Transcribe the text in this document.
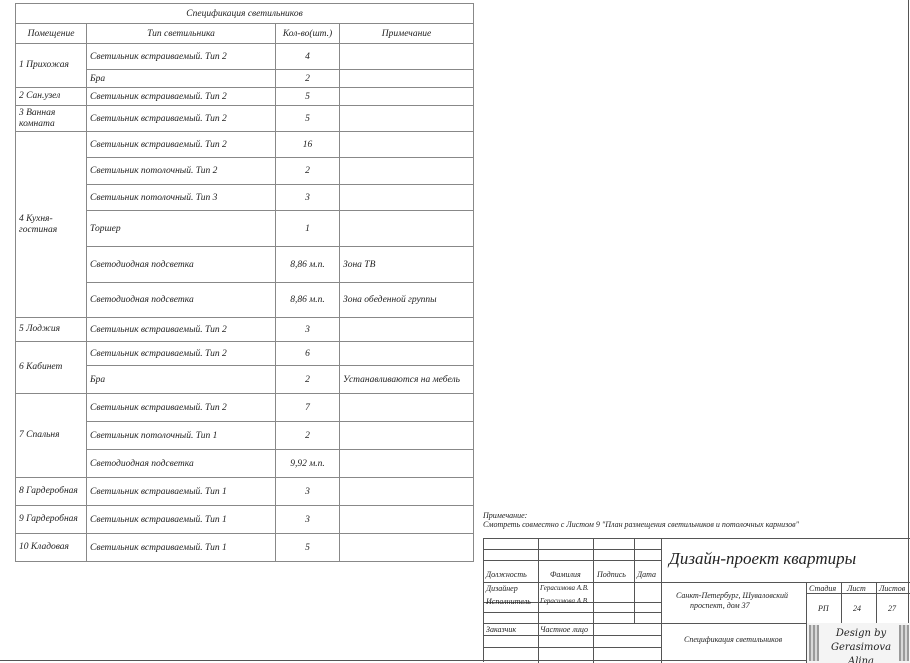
Спецификация светильников			
Помещение	Тип светильника	Кол-во(шт.)	Примечание
1 Прихожая	Светильник встраиваемый. Тип 2	4	
	Бра	2	
2 Сан.узел	Светильник встраиваемый. Тип 2	5	
3 Ванная комната	Светильник встраиваемый. Тип 2	5	
4 Кухня-гостиная	Светильник встраиваемый. Тип 2	16	
	Светильник потолочный. Тип 2	2	
	Светильник потолочный. Тип 3	3	
	Торшер	1	
	Светодиодная подсветка	8,86 м.п.	Зона ТВ
	Светодиодная подсветка	8,86 м.п.	Зона обеденной группы
5 Лоджия	Светильник встраиваемый. Тип 2	3	
6 Кабинет	Светильник встраиваемый. Тип 2	6	
	Бра	2	Устанавливаются на мебель
7 Спальня	Светильник встраиваемый. Тип 2	7	
	Светильник потолочный. Тип 1	2	
	Светодиодная подсветка	9,92 м.п.	
8 Гардеробная	Светильник встраиваемый. Тип 1	3	
9 Гардеробная	Светильник встраиваемый. Тип 1	3	
10 Кладовая	Светильник встраиваемый. Тип 1	5	
Примечание:
Смотреть совместно с Листом 9 "План размещения светильников и потолочных карнизов"
Дизайн-проект квартиры
Должность	Фамилия Подпись Дата
Дизайнер	Герасимова А.В.
Исполнитель Герасимова А.В.
Заказчик	Частное лицо
Санкт-Петербург, Шуваловский
проспект, дом 37
Стадия Лист Листов
РП	24	27
Спецификация светильников
Design by
Gerasimova Alina
